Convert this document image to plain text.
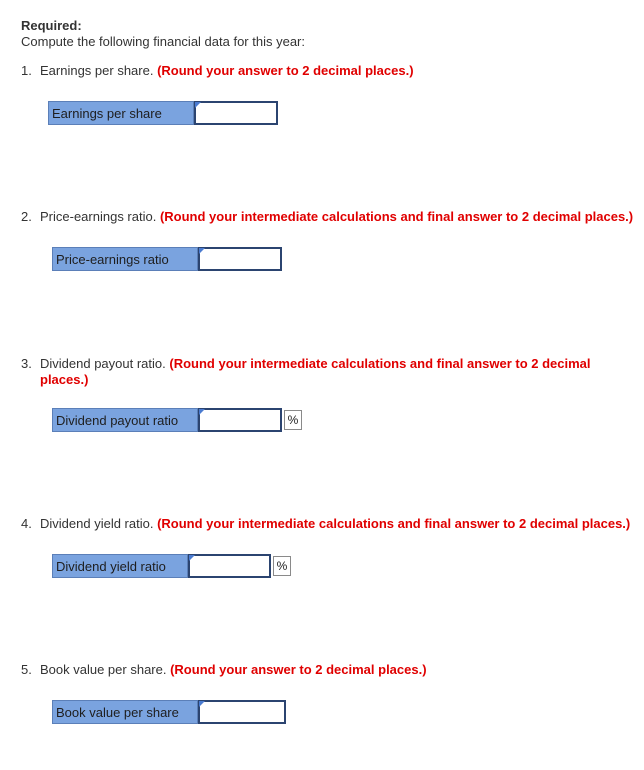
Required:
Compute the following financial data for this year:
1. Earnings per share. (Round your answer to 2 decimal places.)
Earnings per share
2. Price-earnings ratio. (Round your intermediate calculations and final answer to 2 decimal places.)
Price-earnings ratio
3. Dividend payout ratio. (Round your intermediate calculations and final answer to 2 decimal
places.)
Dividend payout ratio	%
4. Dividend yield ratio. (Round your intermediate calculations and final answer to 2 decimal places.)
Dividend yield ratio	%
5. Book value per share. (Round your answer to 2 decimal places.)
Book value per share
